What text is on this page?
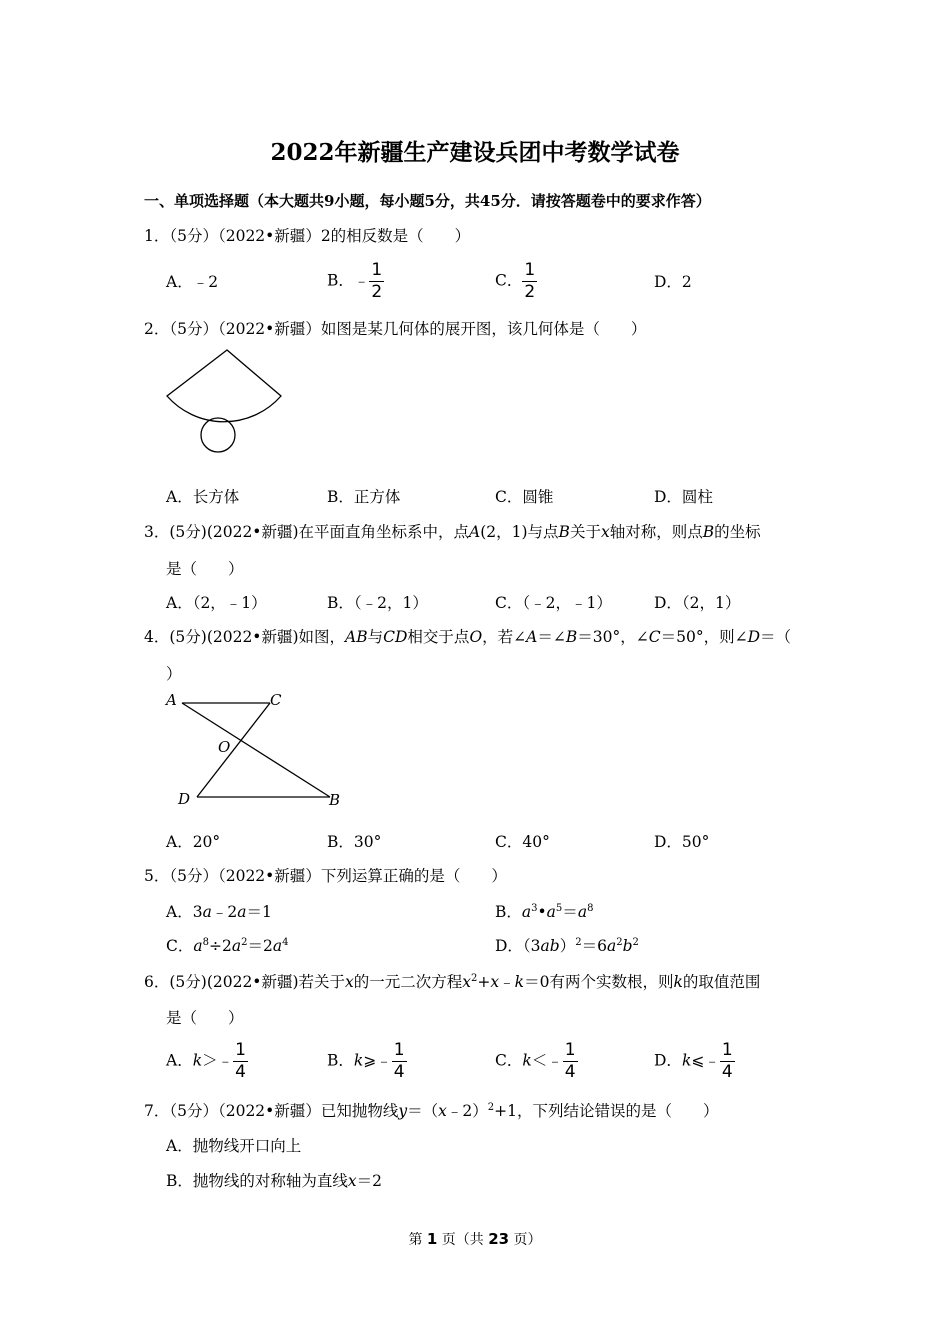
2022年新疆生产建设兵团中考数学试卷
一、单项选择题（本大题共9小题，每小题5分，共45分．请按答题卷中的要求作答）
1．（5分）（2022•新疆）2的相反数是（　　）
A．﹣2	B．﹣ $\frac{1}{2}$	C． $\frac{1}{2}$	D．2
2．（5分）（2022•新疆）如图是某几何体的展开图，该几何体是（　　）
A．长方体	B．正方体	C．圆锥	D．圆柱
3．(5分)(2022•新疆)在平面直角坐标系中，点A(2，1)与点B关于x轴对称，则点B的坐标
是（　　）
A．（2，﹣1）	B．（﹣2，1）	C．（﹣2，﹣1）	D．（2，1）
4．(5分)(2022•新疆)如图，AB与CD相交于点O，若∠A＝∠B＝30°，∠C＝50°，则∠D＝（
）
A	C
O
D	B
A．20°	B．30°	C．40°	D．50°
5．（5分）（2022•新疆）下列运算正确的是（　　）
A．3a﹣2a＝1	B．$a^3•a^5=a^8$
C．$a^8\div 2a^2=2a^4$	D．$(3ab)^2=6a^2b^2$
6．(5分)(2022•新疆)若关于x的一元二次方程$x^2+x﹣k=0$有两个实数根，则k的取值范围
是（　　）
A．k＞﹣ $\frac{1}{4}$	B．k⩾﹣ $\frac{1}{4}$	C．k＜﹣ $\frac{1}{4}$	D．k⩽﹣ $\frac{1}{4}$
7．（5分）（2022•新疆）已知抛物线y＝（x﹣2）$^2$+1，下列结论错误的是（　　）
A．抛物线开口向上
B．抛物线的对称轴为直线x＝2
第 1 页（共 23 页）
